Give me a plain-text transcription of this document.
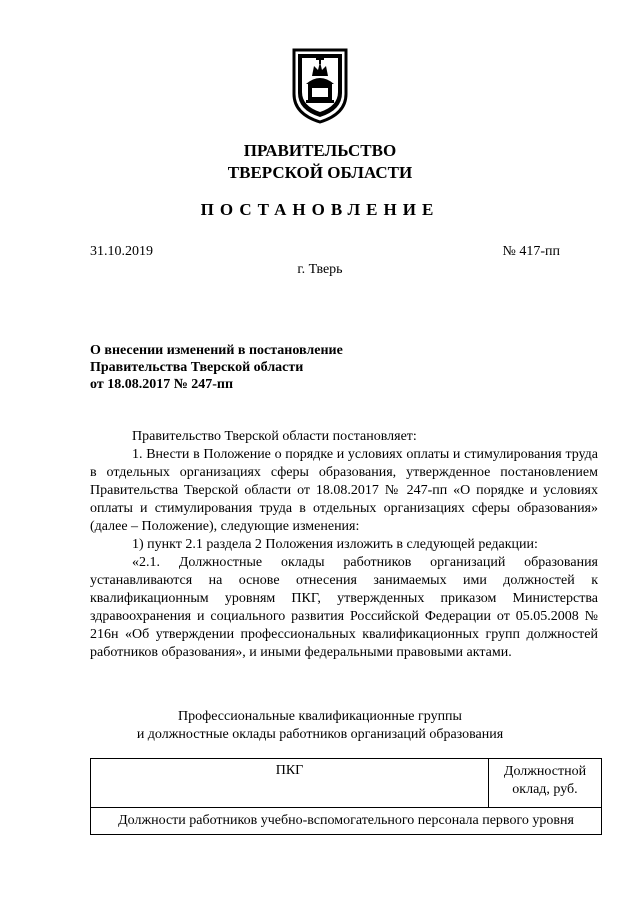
ПРАВИТЕЛЬСТВО
ТВЕРСКОЙ ОБЛАСТИ
ПОСТАНОВЛЕНИЕ
31.10.2019	№ 417-пп
г. Тверь
О внесении изменений в постановление
Правительства Тверской области
от 18.08.2017 № 247-пп

Правительство Тверской области постановляет:

1. Внести в Положение о порядке и условиях оплаты и стимулирования труда в отдельных организациях сферы образования, утвержденное постановлением Правительства Тверской области от 18.08.2017 № 247-пп «О порядке и условиях оплаты и стимулирования труда в отдельных организациях сферы образования» (далее – Положение), следующие изменения:

1) пункт 2.1 раздела 2 Положения изложить в следующей редакции:

«2.1. Должностные оклады работников организаций образования устанавливаются на основе отнесения занимаемых ими должностей к квалификационным уровням ПКГ, утвержденных приказом Министерства здравоохранения и социального развития Российской Федерации от 05.05.2008 № 216н «Об утверждении профессиональных квалификационных групп должностей работников образования», и иными федеральными правовыми актами.

Профессиональные квалификационные группы
и должностные оклады работников организаций образования
ПКГ	Должностной
оклад, руб.

Должности работников учебно-вспомогательного персонала первого уровня
